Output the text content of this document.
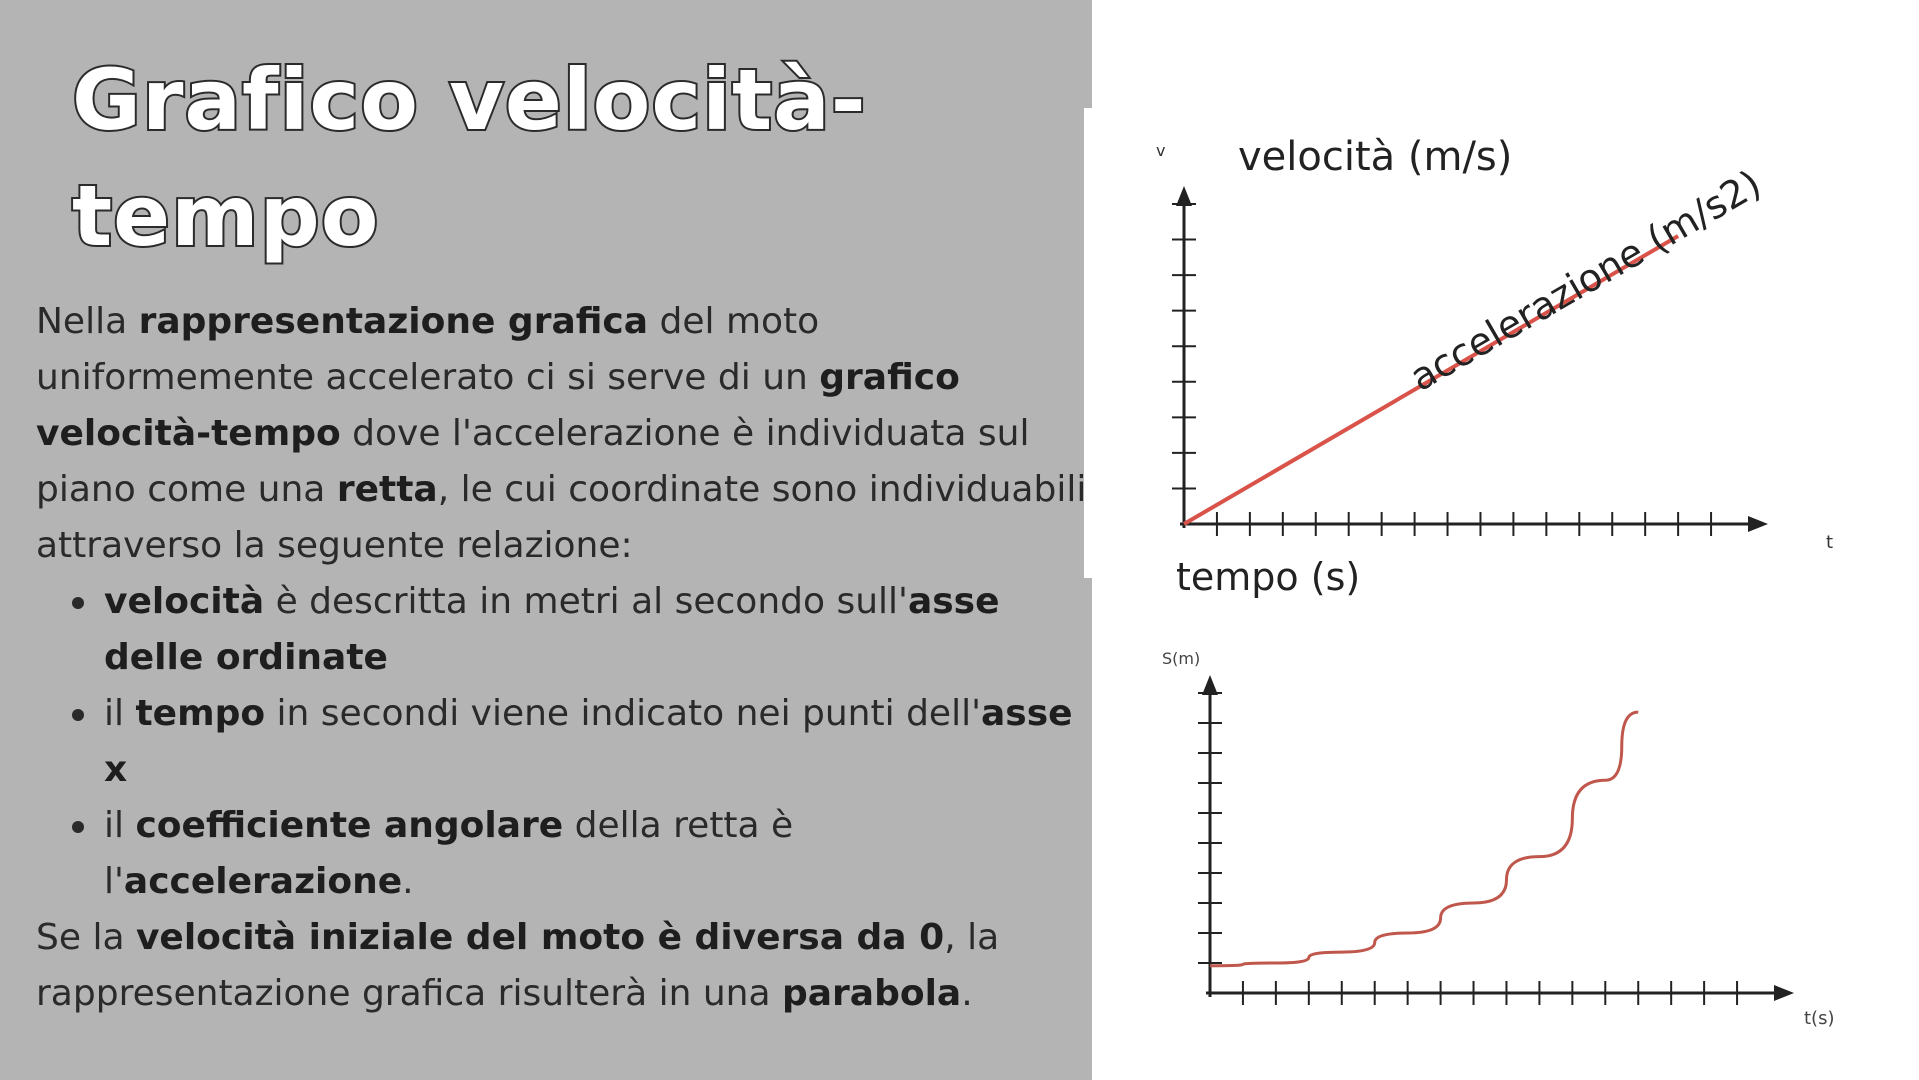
Grafico velocità-
tempo

Nella rappresentazione grafica del moto uniformemente accelerato ci si serve di un grafico velocità-tempo dove l'accelerazione è individuata sul piano come una retta, le cui coordinate sono individuabili attraverso la seguente relazione:

velocità è descritta in metri al secondo sull'asse delle ordinate
il tempo in secondi viene indicato nei punti dell'asse x
il coefficiente angolare della retta è l'accelerazione.

Se la velocità iniziale del moto è diversa da 0, la rappresentazione grafica risulterà in una parabola.

v
t
velocità (m/s)
tempo (s)
accelerazione (m/s2)
S(m)
t(s)
